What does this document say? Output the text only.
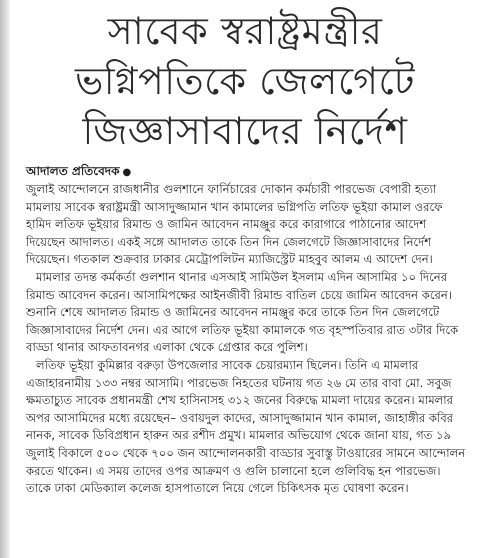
সাবেক স্বরাষ্ট্রমন্ত্রীর
ভগ্নিপতিকে জেলগেটে
জিজ্ঞাসাবাদের নির্দেশ
আদালত প্রতিবেদক ●

জুলাই আন্দোলনে রাজধানীর গুলশানে ফার্নিচারের দোকান কর্মচারী পারভেজ বেপারী হত্যা মামলায় সাবেক স্বরাষ্ট্রমন্ত্রী আসাদুজ্জামান খান কামালের ভগ্নিপতি লতিফ ভূইয়া কামাল ওরফে হামিদ লতিফ ভূইয়ার রিমান্ড ও জামিন আবেদন নামঞ্জুর করে কারাগারে পাঠানোর আদেশ দিয়েছেন আদালত। একই সঙ্গে আদালত তাকে তিন দিন জেলগেটে জিজ্ঞাসাবাদের নির্দেশ দিয়েছেন। গতকাল শুক্রবার ঢাকার মেট্রোপলিটন ম্যাজিস্ট্রেট মাহবুব আলম এ আদেশ দেন।

মামলার তদন্ত কর্মকর্তা গুলশান থানার এসআই সামিউল ইসলাম এদিন আসামির ১০ দিনের রিমান্ড আবেদন করেন। আসামিপক্ষের আইনজীবী রিমান্ড বাতিল চেয়ে জামিন আবেদন করেন। শুনানি শেষে আদালত রিমান্ড ও জামিনের আবেদন নামঞ্জুর করে তাকে তিন দিন জেলগেটে জিজ্ঞাসাবাদের নির্দেশ দেন। এর আগে লতিফ ভূইয়া কামালকে গত বৃহস্পতিবার রাত ৩টার দিকে বাড্ডা থানার আফতাবনগর এলাকা থেকে গ্রেপ্তার করে পুলিশ।

লতিফ ভূইয়া কুমিল্লার বরুড়া উপজেলার সাবেক চেয়ারম্যান ছিলেন। তিনি এ মামলার এজাহারনামীয় ১৩৩ নম্বর আসামি। পারভেজ নিহতের ঘটনায় গত ২৬ মে তার বাবা মো. সবুজ ক্ষমতাচ্যুত সাবেক প্রধানমন্ত্রী শেখ হাসিনাসহ ৩১২ জনের বিরুদ্ধে মামলা দায়ের করেন। মামলার অপর আসামিদের মধ্যে রয়েছেন– ওবায়দুল কাদের, আসাদুজ্জামান খান কামাল, জাহাঙ্গীর কবির নানক, সাবেক ডিবিপ্রধান হারুন অর রশীদ প্রমুখ। মামলার অভিযোগ থেকে জানা যায়, গত ১৯ জুলাই বিকালে ৫০০ থেকে ৭০০ জন আন্দোলনকারী বাড্ডার সুবাস্তু টাওয়ারের সামনে আন্দোলন করতে থাকেন। এ সময় তাদের ওপর আক্রমণ ও গুলি চালানো হলে গুলিবিদ্ধ হন পারভেজ। তাকে ঢাকা মেডিক্যাল কলেজ হাসপাতালে নিয়ে গেলে চিকিৎসক মৃত ঘোষণা করেন।
